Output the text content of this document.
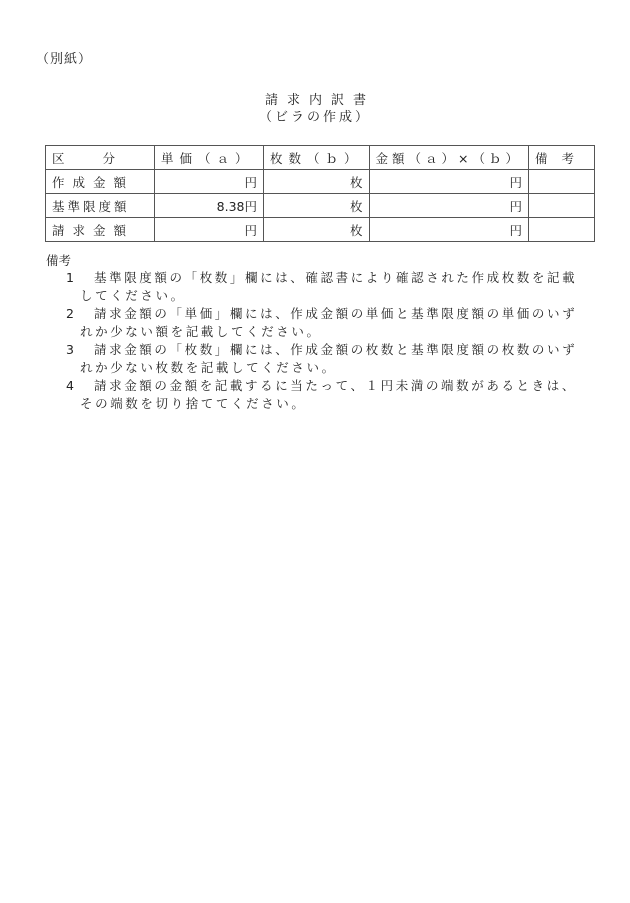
（別紙）
請求内訳書
（ビラの作成）
区 分	単価（ａ）	枚数（ｂ）	金額（ａ）×（ｂ）	備考
作成金額	円	枚	円	
基準限度額	8.38円	枚	円	
請求金額	円	枚	円	
備考
1	基準限度額の「枚数」欄には、確認書により確認された作成枚数を記載
してください。
2	請求金額の「単価」欄には、作成金額の単価と基準限度額の単価のいず
れか少ない額を記載してください。
3	請求金額の「枚数」欄には、作成金額の枚数と基準限度額の枚数のいず
れか少ない枚数を記載してください。
4	請求金額の金額を記載するに当たって、１円未満の端数があるときは、
その端数を切り捨ててください。
